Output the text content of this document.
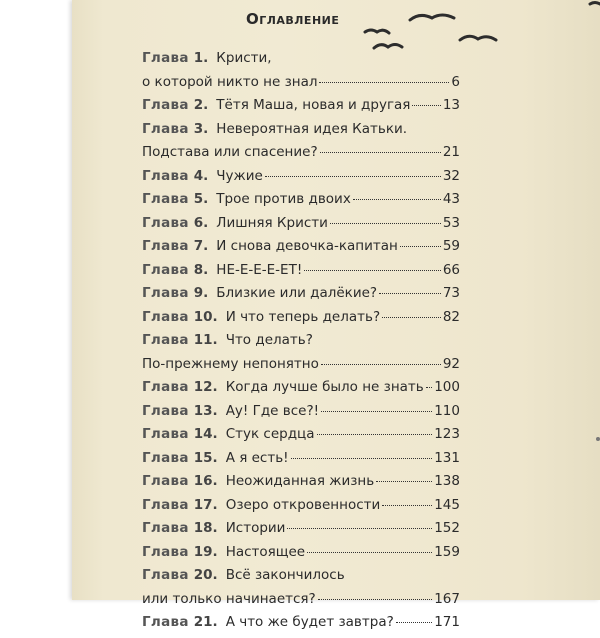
Оглавление
Глава 1. Кристи,
о которой никто не знал	6
Глава 2. Тётя Маша, новая и другая 13
Глава 3. Невероятная идея Катьки.
Подстава или спасение?	21
Глава 4. Чужие	32
Глава 5. Трое против двоих	43
Глава 6. Лишняя Кристи	53
Глава 7. И снова девочка-капитан	59
Глава 8. НЕ-Е-Е-Е-ЕТ!	66
Глава 9. Близкие или далёкие?	73
Глава 10. И что теперь делать?	82
Глава 11. Что делать?
По-прежнему непонятно	92
Глава 12. Когда лучше было не знать 100
Глава 13. Ау! Где все?!	110
Глава 14. Стук сердца	123
Глава 15. А я есть!	131
Глава 16. Неожиданная жизнь	138
Глава 17. Озеро откровенности	145
Глава 18. Истории	152
Глава 19. Настоящее	159
Глава 20. Всё закончилось
или только начинается?	167
Глава 21. А что же будет завтра?	171
